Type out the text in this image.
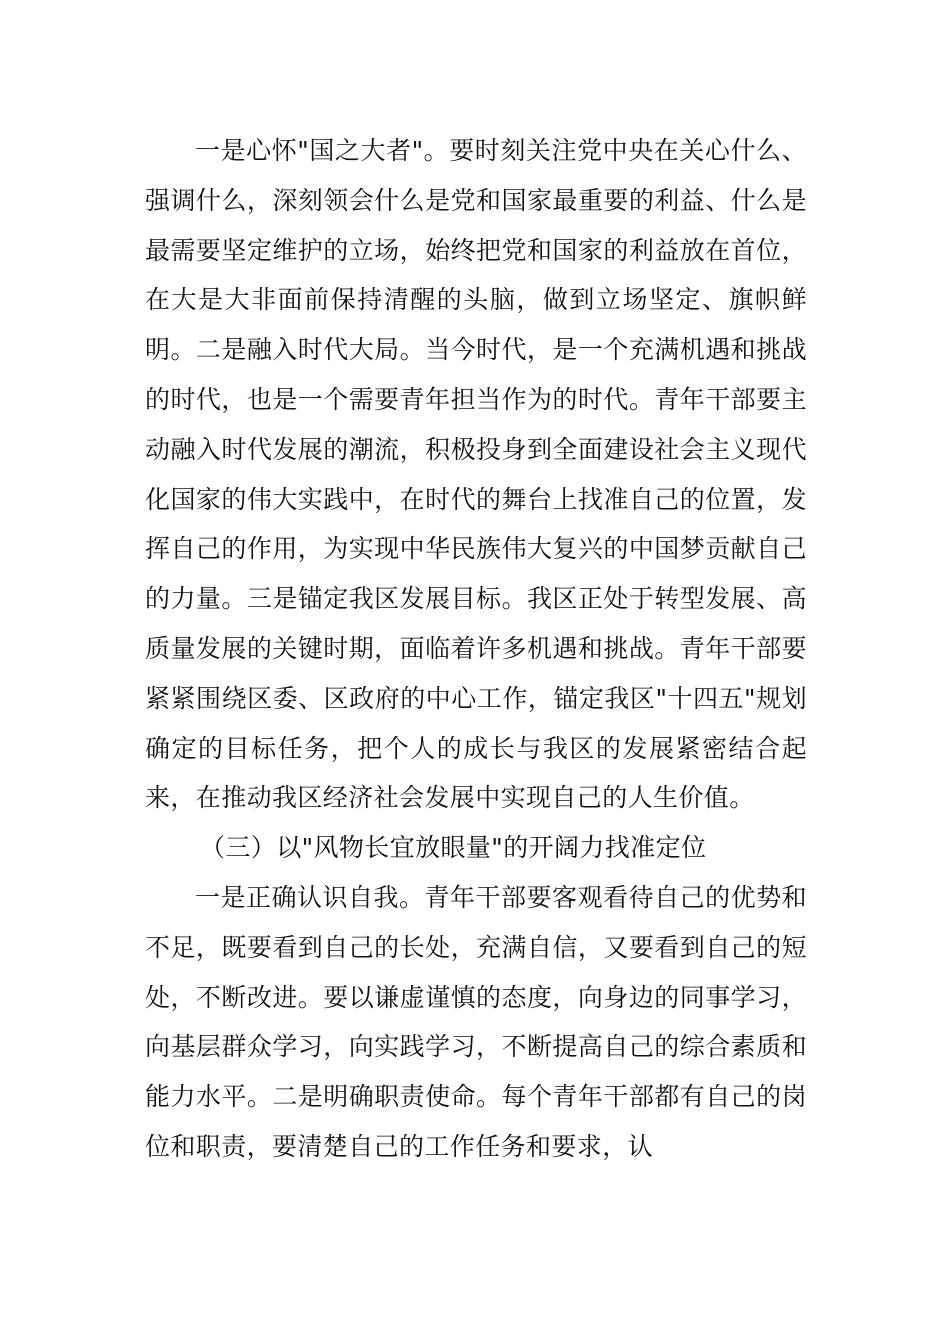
一是心怀"国之大者"。要时刻关注党中央在关心什么、强调什么，深刻领会什么是党和国家最重要的利益、什么是最需要坚定维护的立场，始终把党和国家的利益放在首位，在大是大非面前保持清醒的头脑，做到立场坚定、旗帜鲜明。二是融入时代大局。当今时代，是一个充满机遇和挑战的时代，也是一个需要青年担当作为的时代。青年干部要主动融入时代发展的潮流，积极投身到全面建设社会主义现代化国家的伟大实践中，在时代的舞台上找准自己的位置，发挥自己的作用，为实现中华民族伟大复兴的中国梦贡献自己的力量。三是锚定我区发展目标。我区正处于转型发展、高质量发展的关键时期，面临着许多机遇和挑战。青年干部要紧紧围绕区委、区政府的中心工作，锚定我区"十四五"规划确定的目标任务，把个人的成长与我区的发展紧密结合起来，在推动我区经济社会发展中实现自己的人生价值。

（三）以"风物长宜放眼量"的开阔力找准定位

一是正确认识自我。青年干部要客观看待自己的优势和不足，既要看到自己的长处，充满自信，又要看到自己的短处，不断改进。要以谦虚谨慎的态度，向身边的同事学习，向基层群众学习，向实践学习，不断提高自己的综合素质和能力水平。二是明确职责使命。每个青年干部都有自己的岗位和职责，要清楚自己的工作任务和要求，认
